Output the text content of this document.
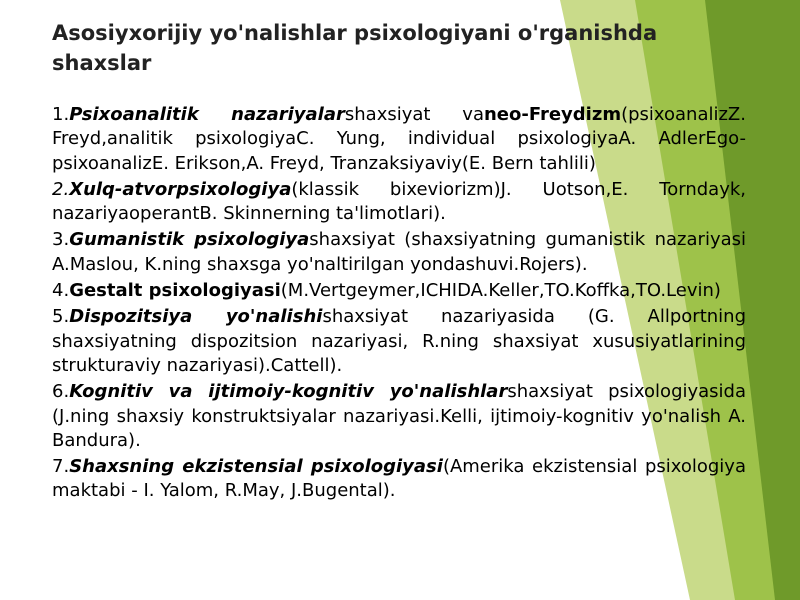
Asosiyxorijiy yo'nalishlar psixologiyani o'rganishda shaxslar

1.Psixoanalitik nazariyalarshaxsiyat vaneo-Freydizm(psixoanalizZ. Freyd,analitik psixologiyaC. Yung, individual psixologiyaA. AdlerEgo-psixoanalizE. Erikson,A. Freyd, Tranzaksiyaviy(E. Bern tahlili)

2.Xulq-atvorpsixologiya(klassik bixeviorizm)J. Uotson,E. Torndayk, nazariyaoperantB. Skinnerning ta'limotlari).

3.Gumanistik psixologiyashaxsiyat (shaxsiyatning gumanistik nazariyasi A.Maslou, K.ning shaxsga yo'naltirilgan yondashuvi.Rojers).

4.Gestalt psixologiyasi(M.Vertgeymer,ICHIDA.Keller,TO.Koffka,TO.Levin)

5.Dispozitsiya yo'nalishishaxsiyat nazariyasida (G. Allportning shaxsiyatning dispozitsion nazariyasi, R.ning shaxsiyat xususiyatlarining strukturaviy nazariyasi).Cattell).

6.Kognitiv va ijtimoiy-kognitiv yo'nalishlarshaxsiyat psixologiyasida (J.ning shaxsiy konstruktsiyalar nazariyasi.Kelli, ijtimoiy-kognitiv yo'nalish A. Bandura).

7.Shaxsning ekzistensial psixologiyasi(Amerika ekzistensial psixologiya maktabi - I. Yalom, R.May, J.Bugental).
